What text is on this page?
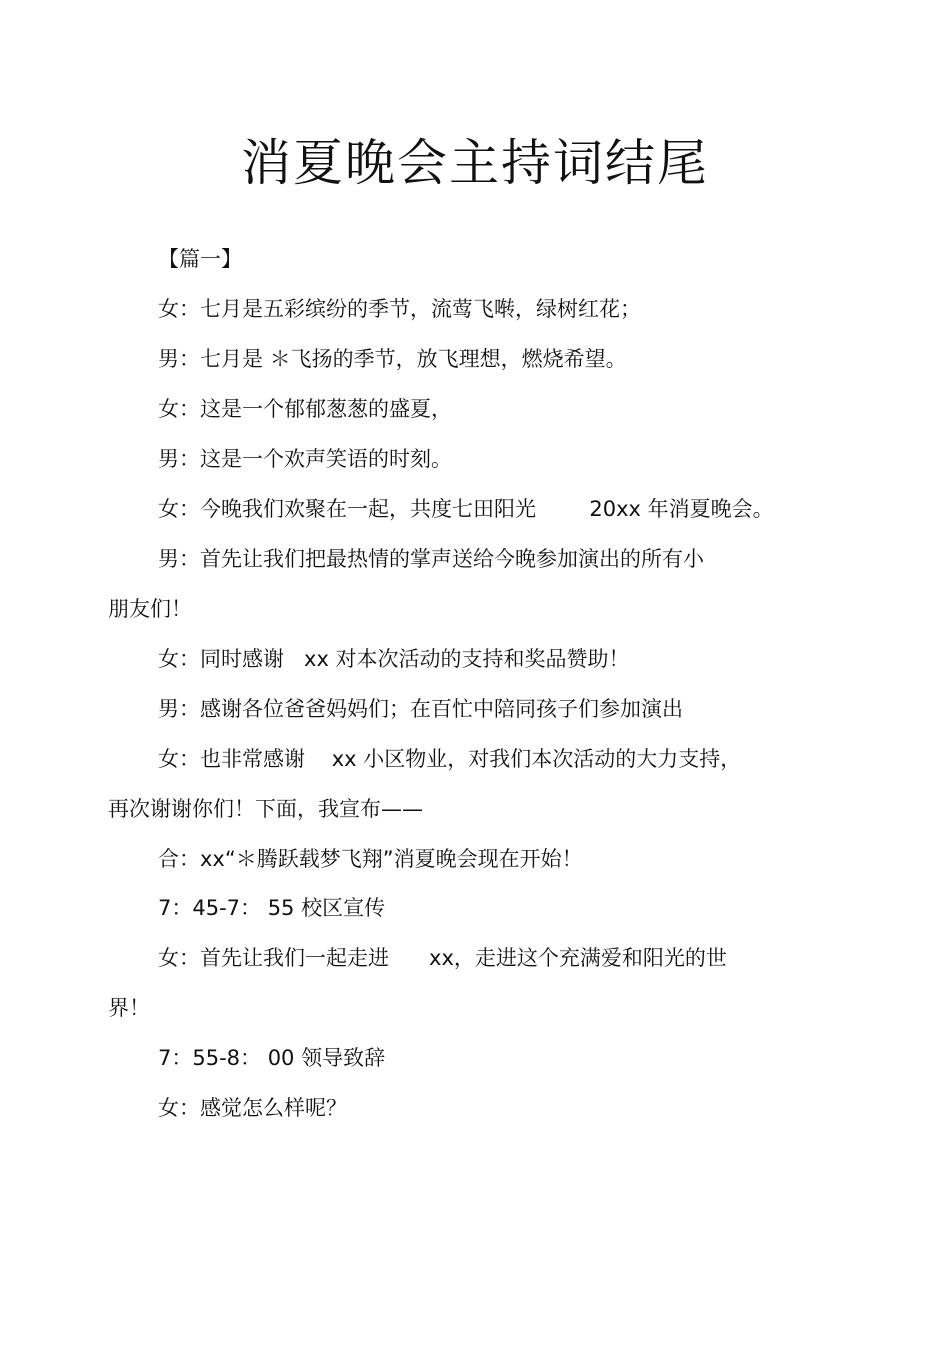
消夏晚会主持词结尾
【篇一】
女：七月是五彩缤纷的季节，流莺飞啭，绿树红花；
男：七月是 ＊飞扬的季节，放飞理想，燃烧希望。
女：这是一个郁郁葱葱的盛夏，
男：这是一个欢声笑语的时刻。
女：今晚我们欢聚在一起，共度七田阳光        20xx 年消夏晚会。
男：首先让我们把最热情的掌声送给今晚参加演出的所有小
朋友们！
女：同时感谢   xx 对本次活动的支持和奖品赞助！
男：感谢各位爸爸妈妈们；在百忙中陪同孩子们参加演出
女：也非常感谢    xx 小区物业，对我们本次活动的大力支持，
再次谢谢你们！下面，我宣布——
合：xx“＊腾跃载梦飞翔”消夏晚会现在开始！
7：45-7： 55 校区宣传
女：首先让我们一起走进      xx，走进这个充满爱和阳光的世
界！
7：55-8： 00 领导致辞
女：感觉怎么样呢？
